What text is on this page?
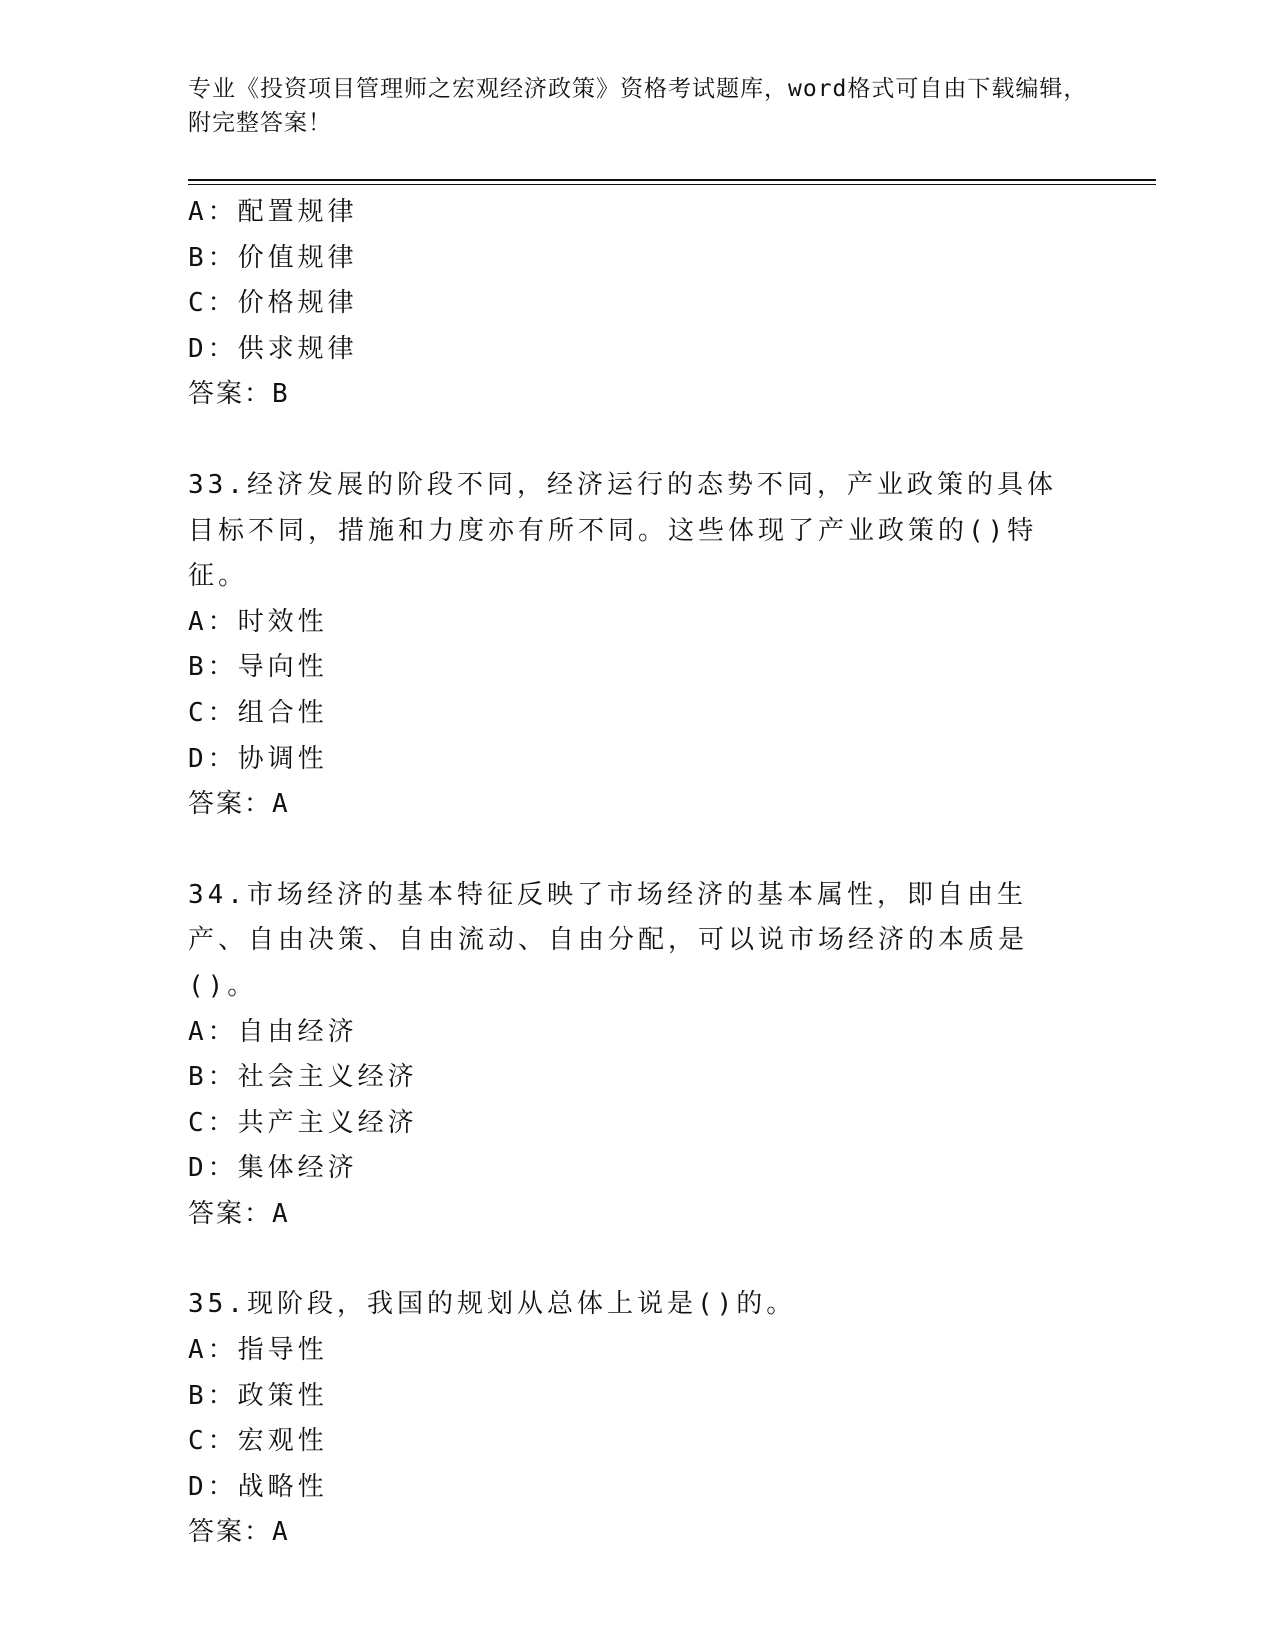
专业《投资项目管理师之宏观经济政策》资格考试题库，word格式可自由下载编辑，附完整答案！
A：配置规律
B：价值规律
C：价格规律
D：供求规律
答案：B
33.经济发展的阶段不同，经济运行的态势不同，产业政策的具体目标不同，措施和力度亦有所不同。这些体现了产业政策的()特征。
A：时效性
B：导向性
C：组合性
D：协调性
答案：A
34.市场经济的基本特征反映了市场经济的基本属性，即自由生产、自由决策、自由流动、自由分配，可以说市场经济的本质是()。
A：自由经济
B：社会主义经济
C：共产主义经济
D：集体经济
答案：A
35.现阶段，我国的规划从总体上说是()的。
A：指导性
B：政策性
C：宏观性
D：战略性
答案：A
